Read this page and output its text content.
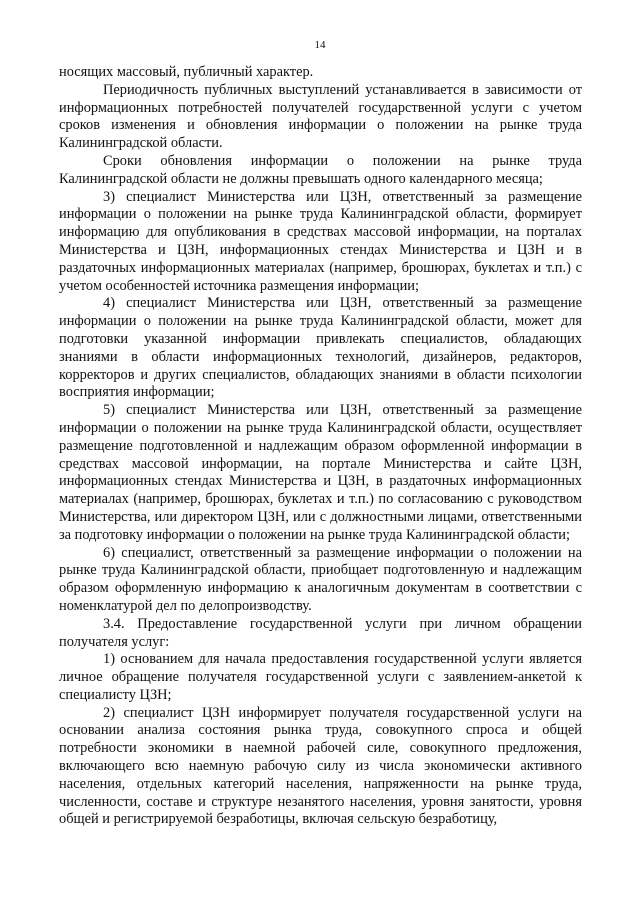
14

носящих массовый, публичный характер.

Периодичность публичных выступлений устанавливается в зависимости от информационных потребностей получателей государственной услуги с учетом сроков изменения и обновления информации о положении на рынке труда Калининградской области.

Сроки обновления информации о положении на рынке труда Калининградской области не должны превышать одного календарного месяца;

3) специалист Министерства или ЦЗН, ответственный за размещение информации о положении на рынке труда Калининградской области, формирует информацию для опубликования в средствах массовой информации, на порталах Министерства и ЦЗН, информационных стендах Министерства и ЦЗН и в раздаточных информационных материалах (например, брошюрах, буклетах и т.п.) с учетом особенностей источника размещения информации;

4) специалист Министерства или ЦЗН, ответственный за размещение информации о положении на рынке труда Калининградской области, может для подготовки указанной информации привлекать специалистов, обладающих знаниями в области информационных технологий, дизайнеров, редакторов, корректоров и других специалистов, обладающих знаниями в области психологии восприятия информации;

5) специалист Министерства или ЦЗН, ответственный за размещение информации о положении на рынке труда Калининградской области, осуществляет размещение подготовленной и надлежащим образом оформленной информации в средствах массовой информации, на портале Министерства и сайте ЦЗН, информационных стендах Министерства и ЦЗН, в раздаточных информационных материалах (например, брошюрах, буклетах и т.п.) по согласованию с руководством Министерства, или директором ЦЗН, или с должностными лицами, ответственными за подготовку информации о положении на рынке труда Калининградской области;

6) специалист, ответственный за размещение информации о положении на рынке труда Калининградской области, приобщает подготовленную и надлежащим образом оформленную информацию к аналогичным документам в соответствии с номенклатурой дел по делопроизводству.

3.4. Предоставление государственной услуги при личном обращении получателя услуг:

1) основанием для начала предоставления государственной услуги является личное обращение получателя государственной услуги с заявлением-анкетой к специалисту ЦЗН;

2) специалист ЦЗН информирует получателя государственной услуги на основании анализа состояния рынка труда, совокупного спроса и общей потребности экономики в наемной рабочей силе, совокупного предложения, включающего всю наемную рабочую силу из числа экономически активного населения, отдельных категорий населения, напряженности на рынке труда, численности, составе и структуре незанятого населения, уровня занятости, уровня общей и регистрируемой безработицы, включая сельскую безработицу,
